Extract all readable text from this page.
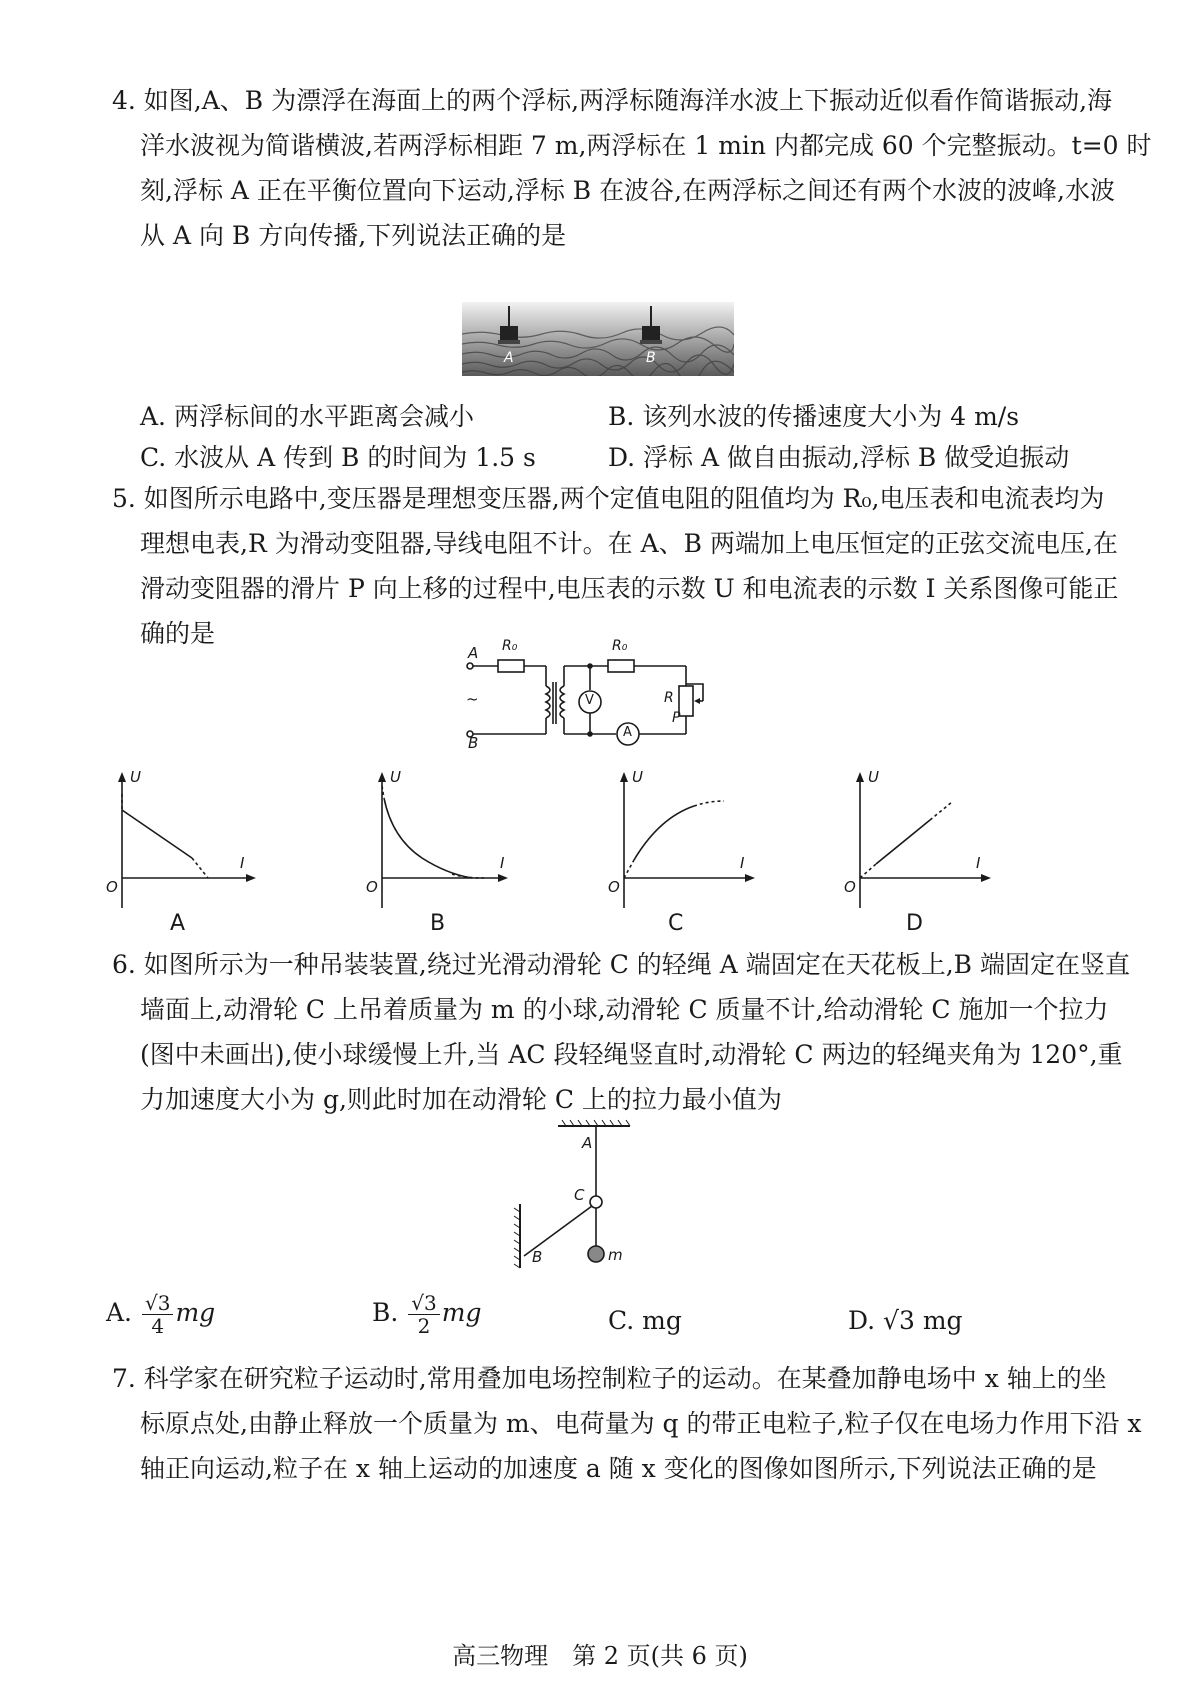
4. 如图,A、B 为漂浮在海面上的两个浮标,两浮标随海洋水波上下振动近似看作简谐振动,海
洋水波视为简谐横波,若两浮标相距 7 m,两浮标在 1 min 内都完成 60 个完整振动。t=0 时
刻,浮标 A 正在平衡位置向下运动,浮标 B 在波谷,在两浮标之间还有两个水波的波峰,水波
从 A 向 B 方向传播,下列说法正确的是
A	B
A. 两浮标间的水平距离会减小	B. 该列水波的传播速度大小为 4 m/s
C. 水波从 A 传到 B 的时间为 1.5 s	D. 浮标 A 做自由振动,浮标 B 做受迫振动
5. 如图所示电路中,变压器是理想变压器,两个定值电阻的阻值均为 R₀,电压表和电流表均为
理想电表,R 为滑动变阻器,导线电阻不计。在 A、B 两端加上电压恒定的正弦交流电压,在
滑动变阻器的滑片 P 向上移的过程中,电压表的示数 U 和电流表的示数 I 关系图像可能正
确的是
A
B
~
R₀	R₀
R
P
V
A
U
I
O
A
U
I
O
B
U
I
O
C
U
I
O
D
6. 如图所示为一种吊装装置,绕过光滑动滑轮 C 的轻绳 A 端固定在天花板上,B 端固定在竖直
墙面上,动滑轮 C 上吊着质量为 m 的小球,动滑轮 C 质量不计,给动滑轮 C 施加一个拉力
(图中未画出),使小球缓慢上升,当 AC 段轻绳竖直时,动滑轮 C 两边的轻绳夹角为 120°,重
力加速度大小为 g,则此时加在动滑轮 C 上的拉力最小值为
A
C
B	m
A. $\frac{√3}{4}$ mg	B. $\frac{√3}{2}$ mg	C. mg	D. √3 mg
7. 科学家在研究粒子运动时,常用叠加电场控制粒子的运动。在某叠加静电场中 x 轴上的坐
标原点处,由静止释放一个质量为 m、电荷量为 q 的带正电粒子,粒子仅在电场力作用下沿 x
轴正向运动,粒子在 x 轴上运动的加速度 a 随 x 变化的图像如图所示,下列说法正确的是
高三物理　第 2 页(共 6 页)
